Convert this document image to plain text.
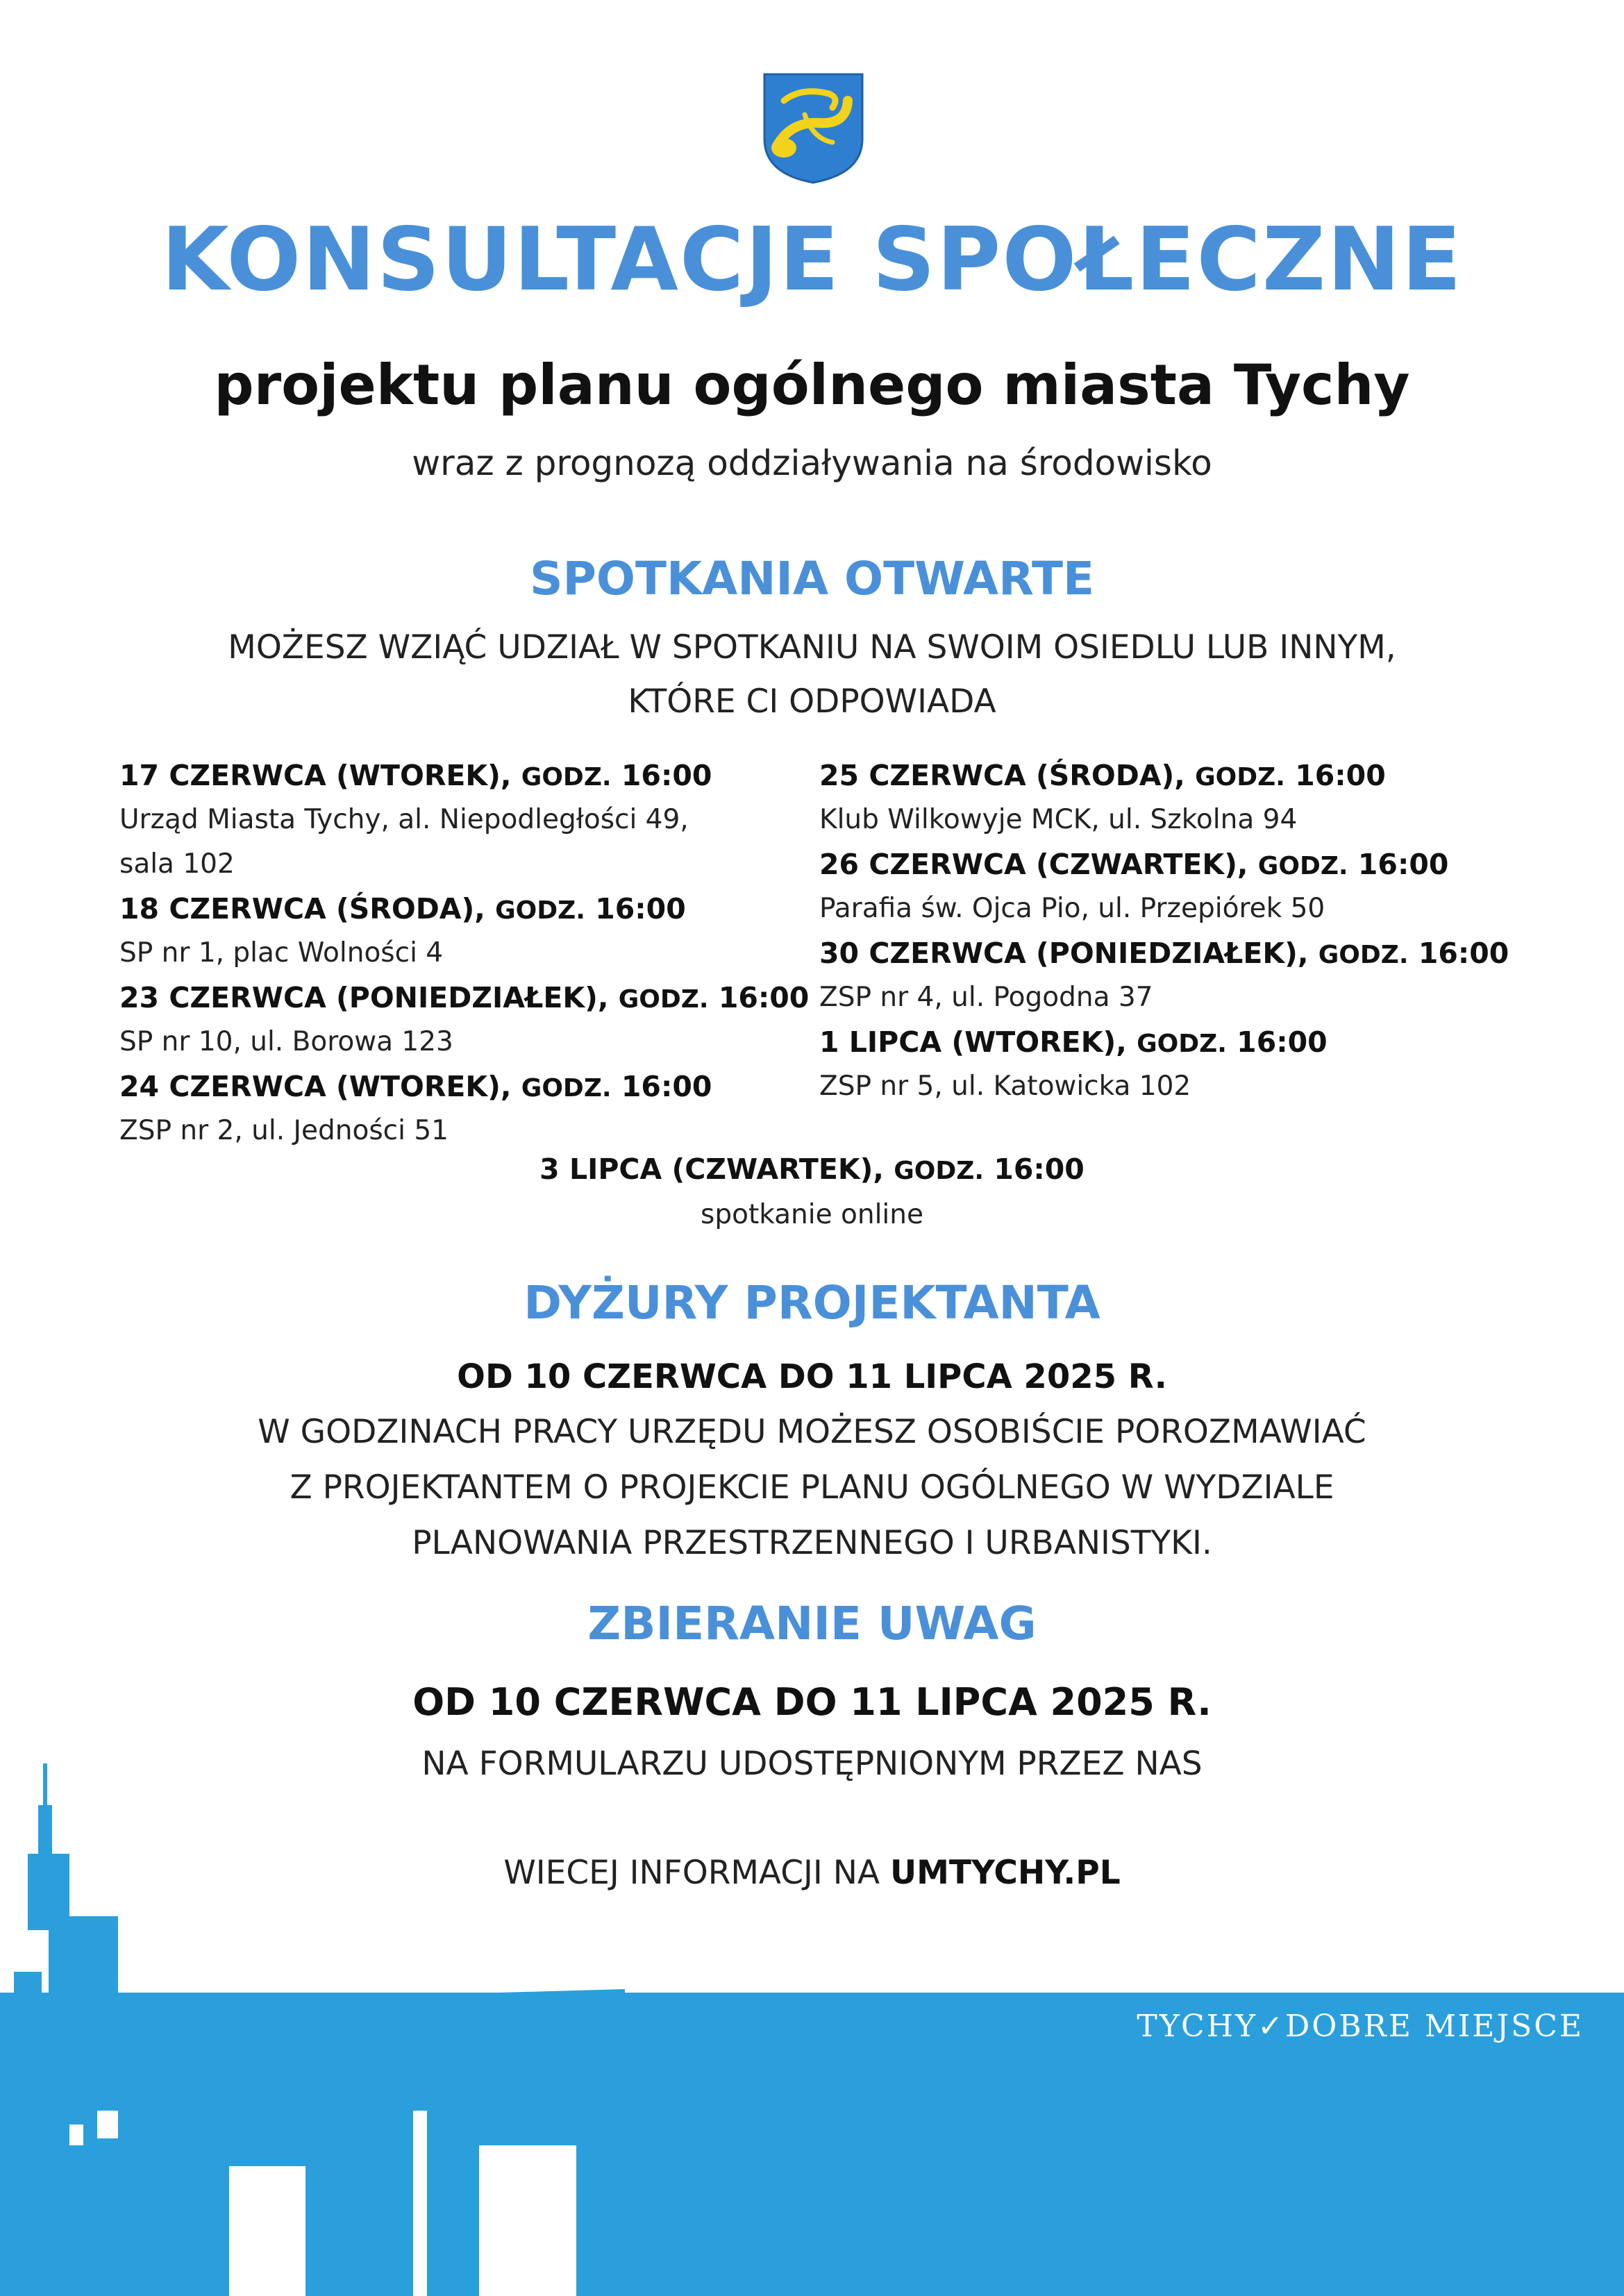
KONSULTACJE SPOŁECZNE
projektu planu ogólnego miasta Tychy
wraz z prognozą oddziaływania na środowisko
SPOTKANIA OTWARTE
MOŻESZ WZIĄĆ UDZIAŁ W SPOTKANIU NA SWOIM OSIEDLU LUB INNYM,
KTÓRE CI ODPOWIADA
17 CZERWCA (WTOREK), GODZ. 16:00
Urząd Miasta Tychy, al. Niepodległości 49,
sala 102
18 CZERWCA (ŚRODA), GODZ. 16:00
SP nr 1, plac Wolności 4
23 CZERWCA (PONIEDZIAŁEK), GODZ. 16:00
SP nr 10, ul. Borowa 123
24 CZERWCA (WTOREK), GODZ. 16:00
ZSP nr 2, ul. Jedności 51
25 CZERWCA (ŚRODA), GODZ. 16:00
Klub Wilkowyje MCK, ul. Szkolna 94
26 CZERWCA (CZWARTEK), GODZ. 16:00
Parafia św. Ojca Pio, ul. Przepiórek 50
30 CZERWCA (PONIEDZIAŁEK), GODZ. 16:00
ZSP nr 4, ul. Pogodna 37
1 LIPCA (WTOREK), GODZ. 16:00
ZSP nr 5, ul. Katowicka 102
3 LIPCA (CZWARTEK), GODZ. 16:00
spotkanie online
DYŻURY PROJEKTANTA
OD 10 CZERWCA DO 11 LIPCA 2025 R.
W GODZINACH PRACY URZĘDU MOŻESZ OSOBIŚCIE POROZMAWIAĆ
Z PROJEKTANTEM O PROJEKCIE PLANU OGÓLNEGO W WYDZIALE
PLANOWANIA PRZESTRZENNEGO I URBANISTYKI.
ZBIERANIE UWAG
OD 10 CZERWCA DO 11 LIPCA 2025 R.
NA FORMULARZU UDOSTĘPNIONYM PRZEZ NAS
WIECEJ INFORMACJI NA UMTYCHY.PL
TYCHY✓DOBRE MIEJSCE
